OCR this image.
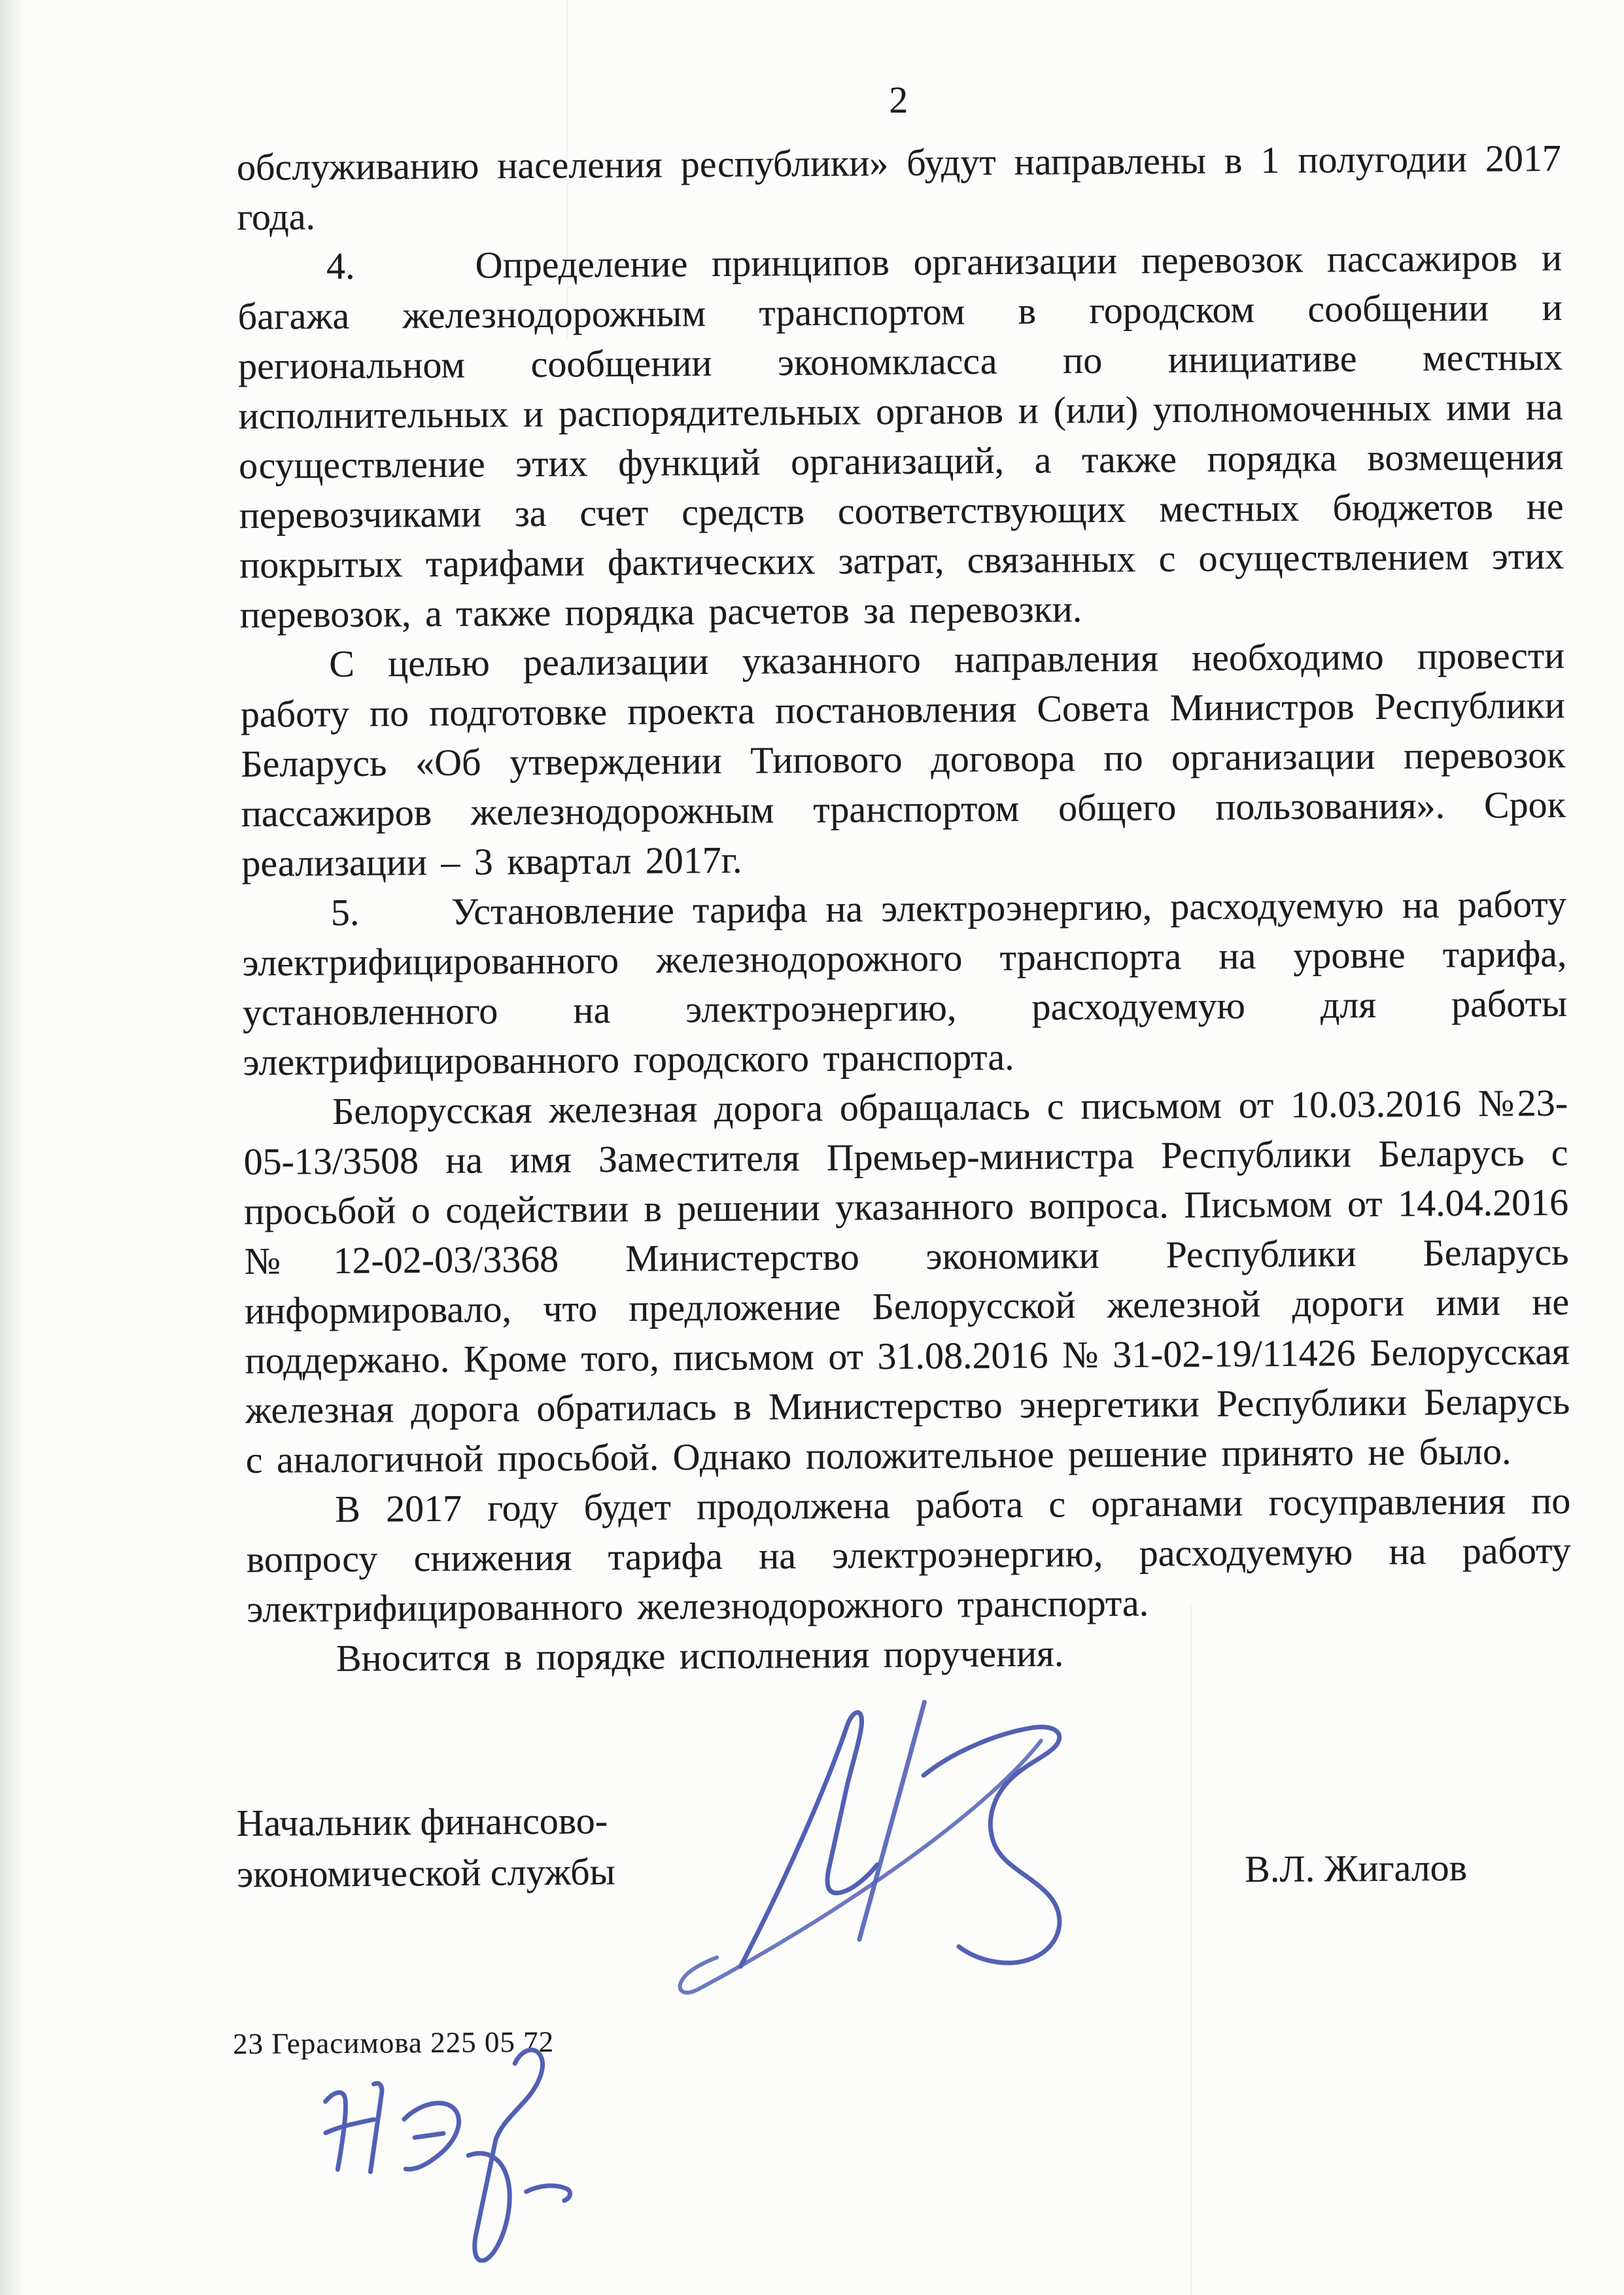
2

обслуживанию населения республики» будут направлены в 1 полугодии 2017 года.

4.     Определение принципов организации перевозок пассажиров и багажа железнодорожным транспортом в городском сообщении и региональном сообщении экономкласса по инициативе местных исполнительных и распорядительных органов и (или) уполномоченных ими на осуществление этих функций организаций, а также порядка возмещения перевозчиками за счет средств соответствующих местных бюджетов не покрытых тарифами фактических затрат, связанных с осуществлением этих перевозок, а также порядка расчетов за перевозки.

С целью реализации указанного направления необходимо провести работу по подготовке проекта постановления Совета Министров Республики Беларусь «Об утверждении Типового договора по организации перевозок пассажиров железнодорожным транспортом общего пользования». Срок реализации – 3 квартал 2017г.

5.     Установление тарифа на электроэнергию, расходуемую на работу электрифицированного железнодорожного транспорта на уровне тарифа, установленного на электроэнергию, расходуемую для работы электрифицированного городского транспорта.

Белорусская железная дорога обращалась с письмом от 10.03.2016 №23-05-13/3508 на имя Заместителя Премьер-министра Республики Беларусь с просьбой о содействии в решении указанного вопроса. Письмом от 14.04.2016 №12-02-03/3368 Министерство экономики Республики Беларусь информировало, что предложение Белорусской железной дороги ими не поддержано. Кроме того, письмом от 31.08.2016 № 31-02-19/11426 Белорусская железная дорога обратилась в Министерство энергетики Республики Беларусь с аналогичной просьбой. Однако положительное решение принято не было.

В 2017 году будет продолжена работа с органами госуправления по вопросу снижения тарифа на электроэнергию, расходуемую на работу электрифицированного железнодорожного транспорта.

Вносится в порядке исполнения поручения.

Начальник финансово-
экономической службы	В.Л. Жигалов
23 Герасимова 225 05 72
